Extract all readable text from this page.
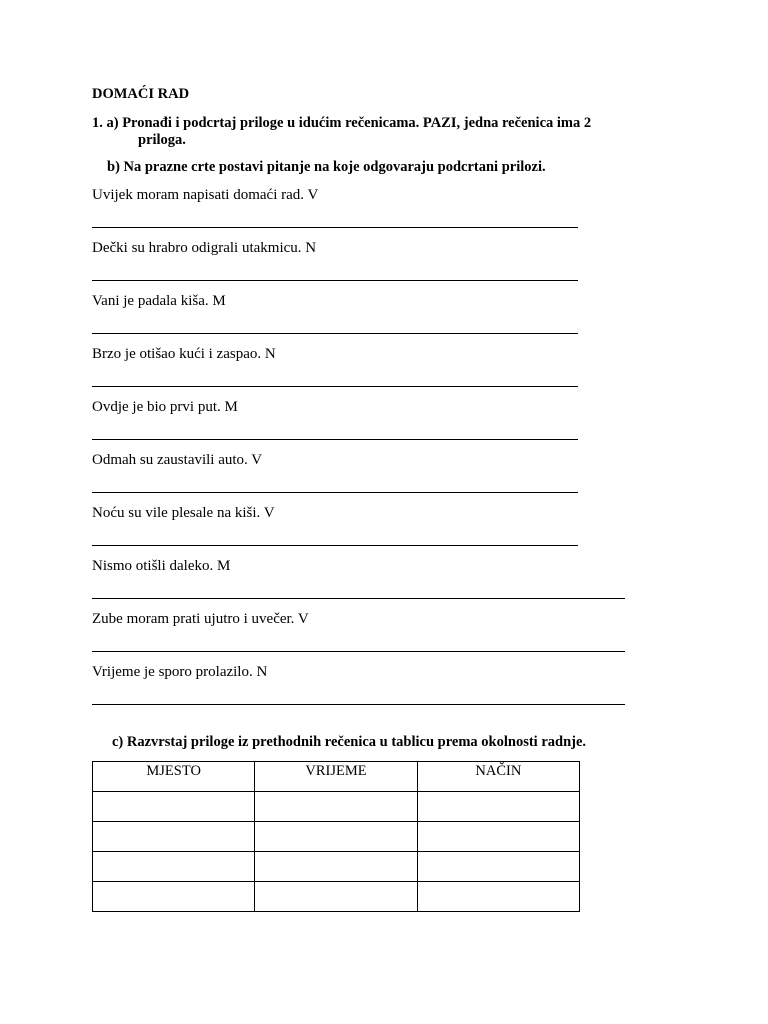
DOMAĆI RAD
1. a) Pronađi i podcrtaj priloge u idućim rečenicama. PAZI, jedna rečenica ima 2
priloga.
b) Na prazne crte postavi pitanje na koje odgovaraju podcrtani prilozi.
Uvijek moram napisati domaći rad. V
Dečki su hrabro odigrali utakmicu. N
Vani je padala kiša. M
Brzo je otišao kući i zaspao. N
Ovdje je bio prvi put. M
Odmah su zaustavili auto. V
Noću su vile plesale na kiši. V
Nismo otišli daleko. M
Zube moram prati ujutro i uvečer. V
Vrijeme je sporo prolazilo. N
c) Razvrstaj priloge iz prethodnih rečenica u tablicu prema okolnosti radnje.
MJESTO	VRIJEME	NAČIN
